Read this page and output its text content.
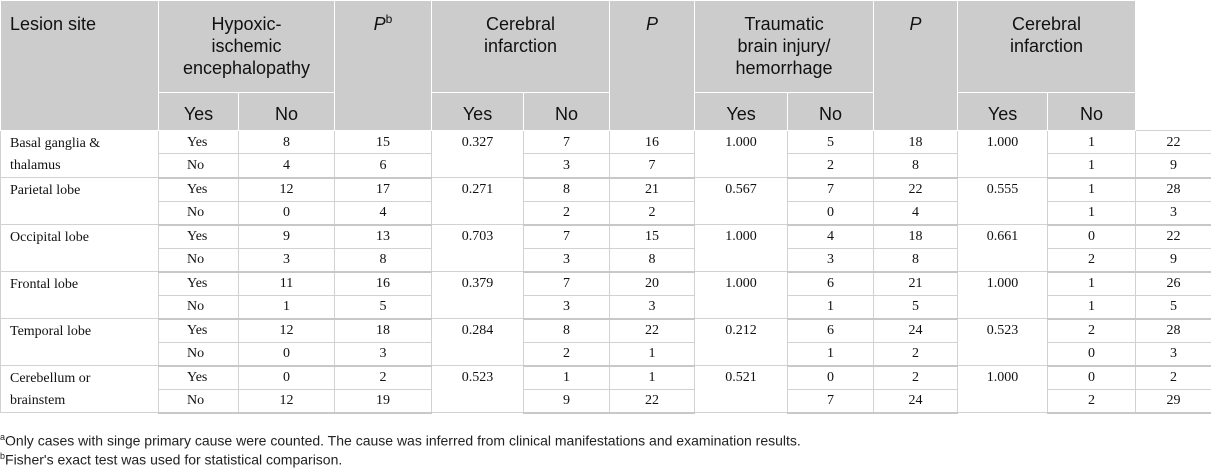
Lesion site	Hypoxic-
ischemic
encephalopathy		$P^b$	Cerebral
infarction		P	Traumatic
brain injury/
hemorrhage		P	Cerebral
infarction		
	Yes	No		Yes	No		Yes	No		Yes	No	
Basal ganglia &
thalamus	Yes	8	15	0.327	7	16	1.000	5	18	1.000	1	22
	No	4	6		3	7		2	8		1	9
Parietal lobe	Yes	12	17	0.271	8	21	0.567	7	22	0.555	1	28
	No	0	4		2	2		0	4		1	3
Occipital lobe	Yes	9	13	0.703	7	15	1.000	4	18	0.661	0	22
	No	3	8		3	8		3	8		2	9
Frontal lobe	Yes	11	16	0.379	7	20	1.000	6	21	1.000	1	26
	No	1	5		3	3		1	5		1	5
Temporal lobe	Yes	12	18	0.284	8	22	0.212	6	24	0.523	2	28
	No	0	3		2	1		1	2		0	3
Cerebellum or
brainstem	Yes	0	2	0.523	1	1	0.521	0	2	1.000	0	2
	No	12	19		9	22		7	24		2	29
$^a$Only cases with singe primary cause were counted. The cause was inferred from clinical manifestations and examination results.
$^b$Fisher's exact test was used for statistical comparison.
